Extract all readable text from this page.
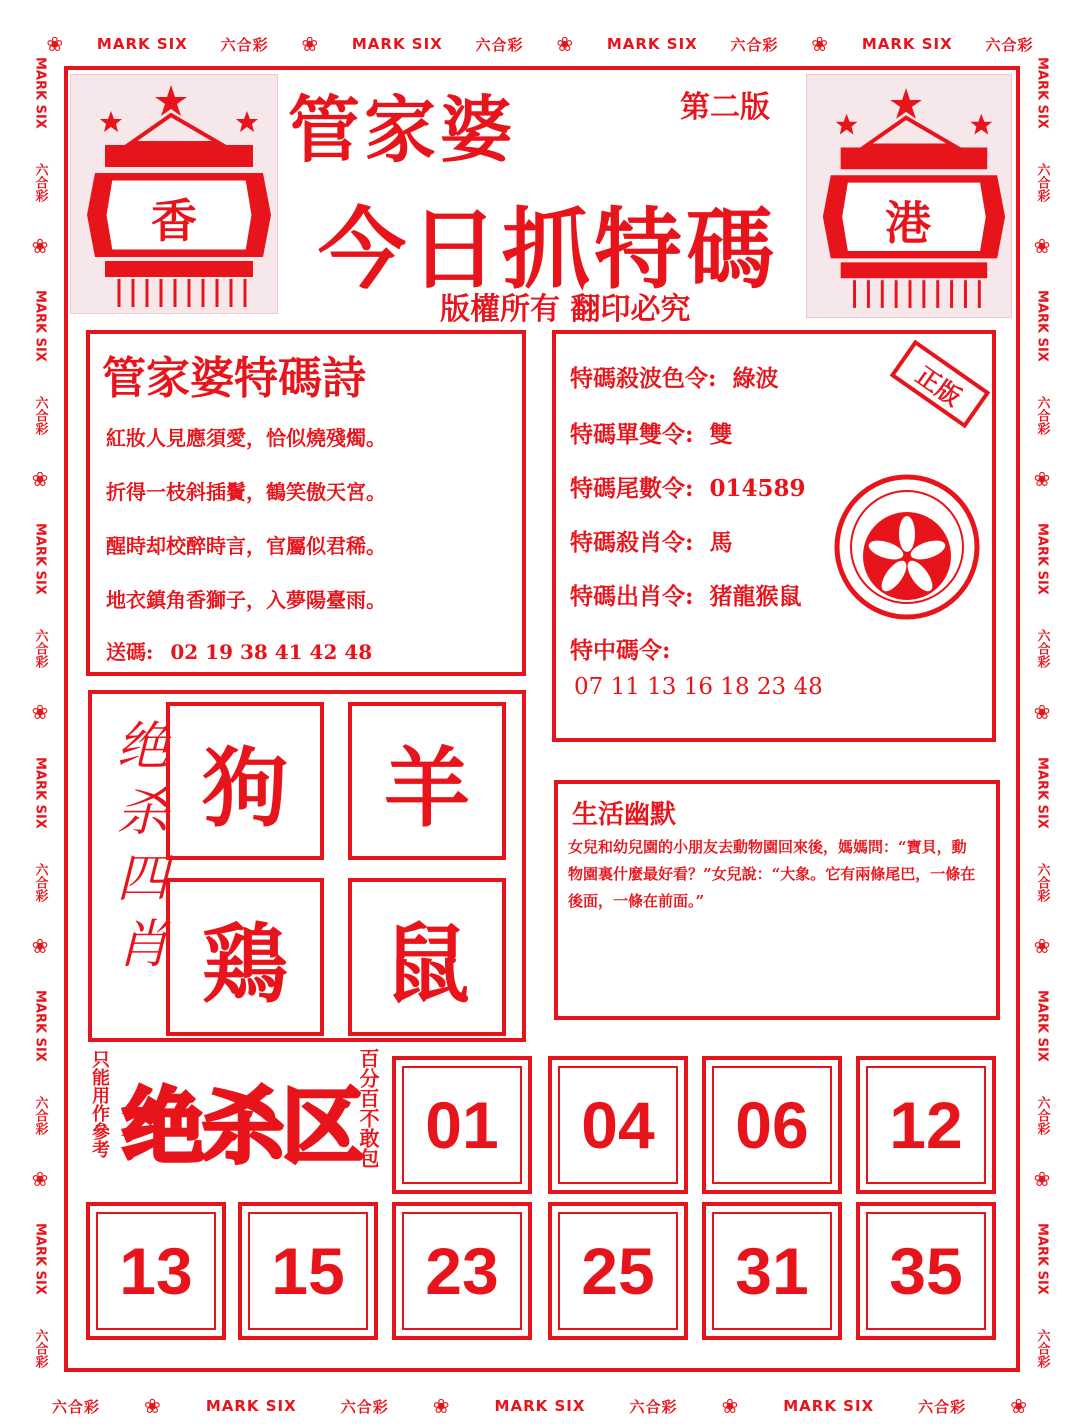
❀ MARK SIX 六合彩 ❀ MARK SIX 六合彩 ❀ MARK SIX 六合彩 ❀ MARK SIX 六合彩
六合彩 ❀	MARK SIX	六合彩 ❀	MARK SIX	六合彩 ❀	MARK SIX	六合彩 ❀
MARK SIX
六合彩
❀
MARK SIX
六合彩
❀
MARK SIX
六合彩
❀
MARK SIX
六合彩
❀
MARK SIX
六合彩
❀
MARK SIX
六合彩
MARK SIX
六合彩
❀
MARK SIX
六合彩
❀
MARK SIX
六合彩
❀
MARK SIX
六合彩
❀
MARK SIX
六合彩
❀
MARK SIX
六合彩
香	港
管家婆	第二版
今日抓特碼
版權所有 翻印必究
管家婆特碼詩
紅妝人見應須愛，恰似燒殘燭。
折得一枝斜插鬢，鶴笑傲天宮。
醒時却校醉時言，官屬似君稀。
地衣鎮角香獅子，入夢陽臺雨。
送碼: 02 19 38 41 42 48
特碼殺波色令: 綠波
特碼單雙令: 雙
特碼尾數令: 014589
特碼殺肖令: 馬
特碼出肖令: 猪龍猴鼠
特中碼令:
07 11 13 16 18 23 48
正版
绝杀四肖 狗	羊
鶏	鼠
生活幽默
女兒和幼兒園的小朋友去動物園回來後，媽媽問：“寶貝，動物園裏什麼最好看？”女兒說：“大象。它有兩條尾巴，一條在後面，一條在前面。”
只能用作參考 绝杀区
百分百不敢包 01	04	06	12
13	15	23	25	31	35
